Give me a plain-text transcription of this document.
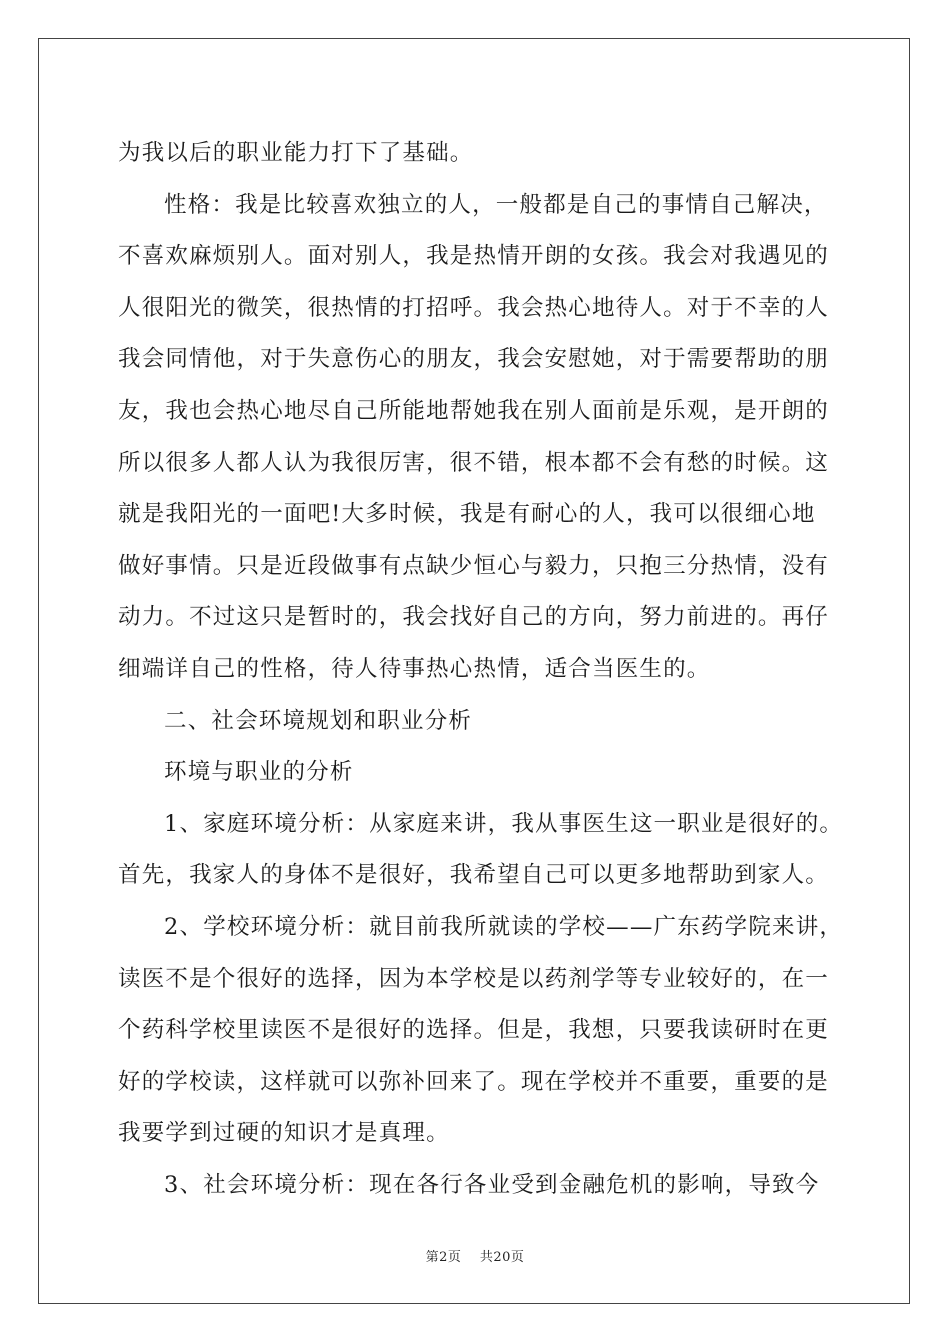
为我以后的职业能力打下了基础。
性格：我是比较喜欢独立的人，一般都是自己的事情自己解决，
不喜欢麻烦别人。面对别人，我是热情开朗的女孩。我会对我遇见的
人很阳光的微笑，很热情的打招呼。我会热心地待人。对于不幸的人
我会同情他，对于失意伤心的朋友，我会安慰她，对于需要帮助的朋
友，我也会热心地尽自己所能地帮她我在别人面前是乐观，是开朗的
所以很多人都人认为我很厉害，很不错，根本都不会有愁的时候。这
就是我阳光的一面吧!大多时候，我是有耐心的人，我可以很细心地
做好事情。只是近段做事有点缺少恒心与毅力，只抱三分热情，没有
动力。不过这只是暂时的，我会找好自己的方向，努力前进的。再仔
细端详自己的性格，待人待事热心热情，适合当医生的。
二、社会环境规划和职业分析
环境与职业的分析
1、家庭环境分析：从家庭来讲，我从事医生这一职业是很好的。
首先，我家人的身体不是很好，我希望自己可以更多地帮助到家人。
2、学校环境分析：就目前我所就读的学校——广东药学院来讲，
读医不是个很好的选择，因为本学校是以药剂学等专业较好的，在一
个药科学校里读医不是很好的选择。但是，我想，只要我读研时在更
好的学校读，这样就可以弥补回来了。现在学校并不重要，重要的是
我要学到过硬的知识才是真理。
3、社会环境分析：现在各行各业受到金融危机的影响，导致今
第2页 共20页
